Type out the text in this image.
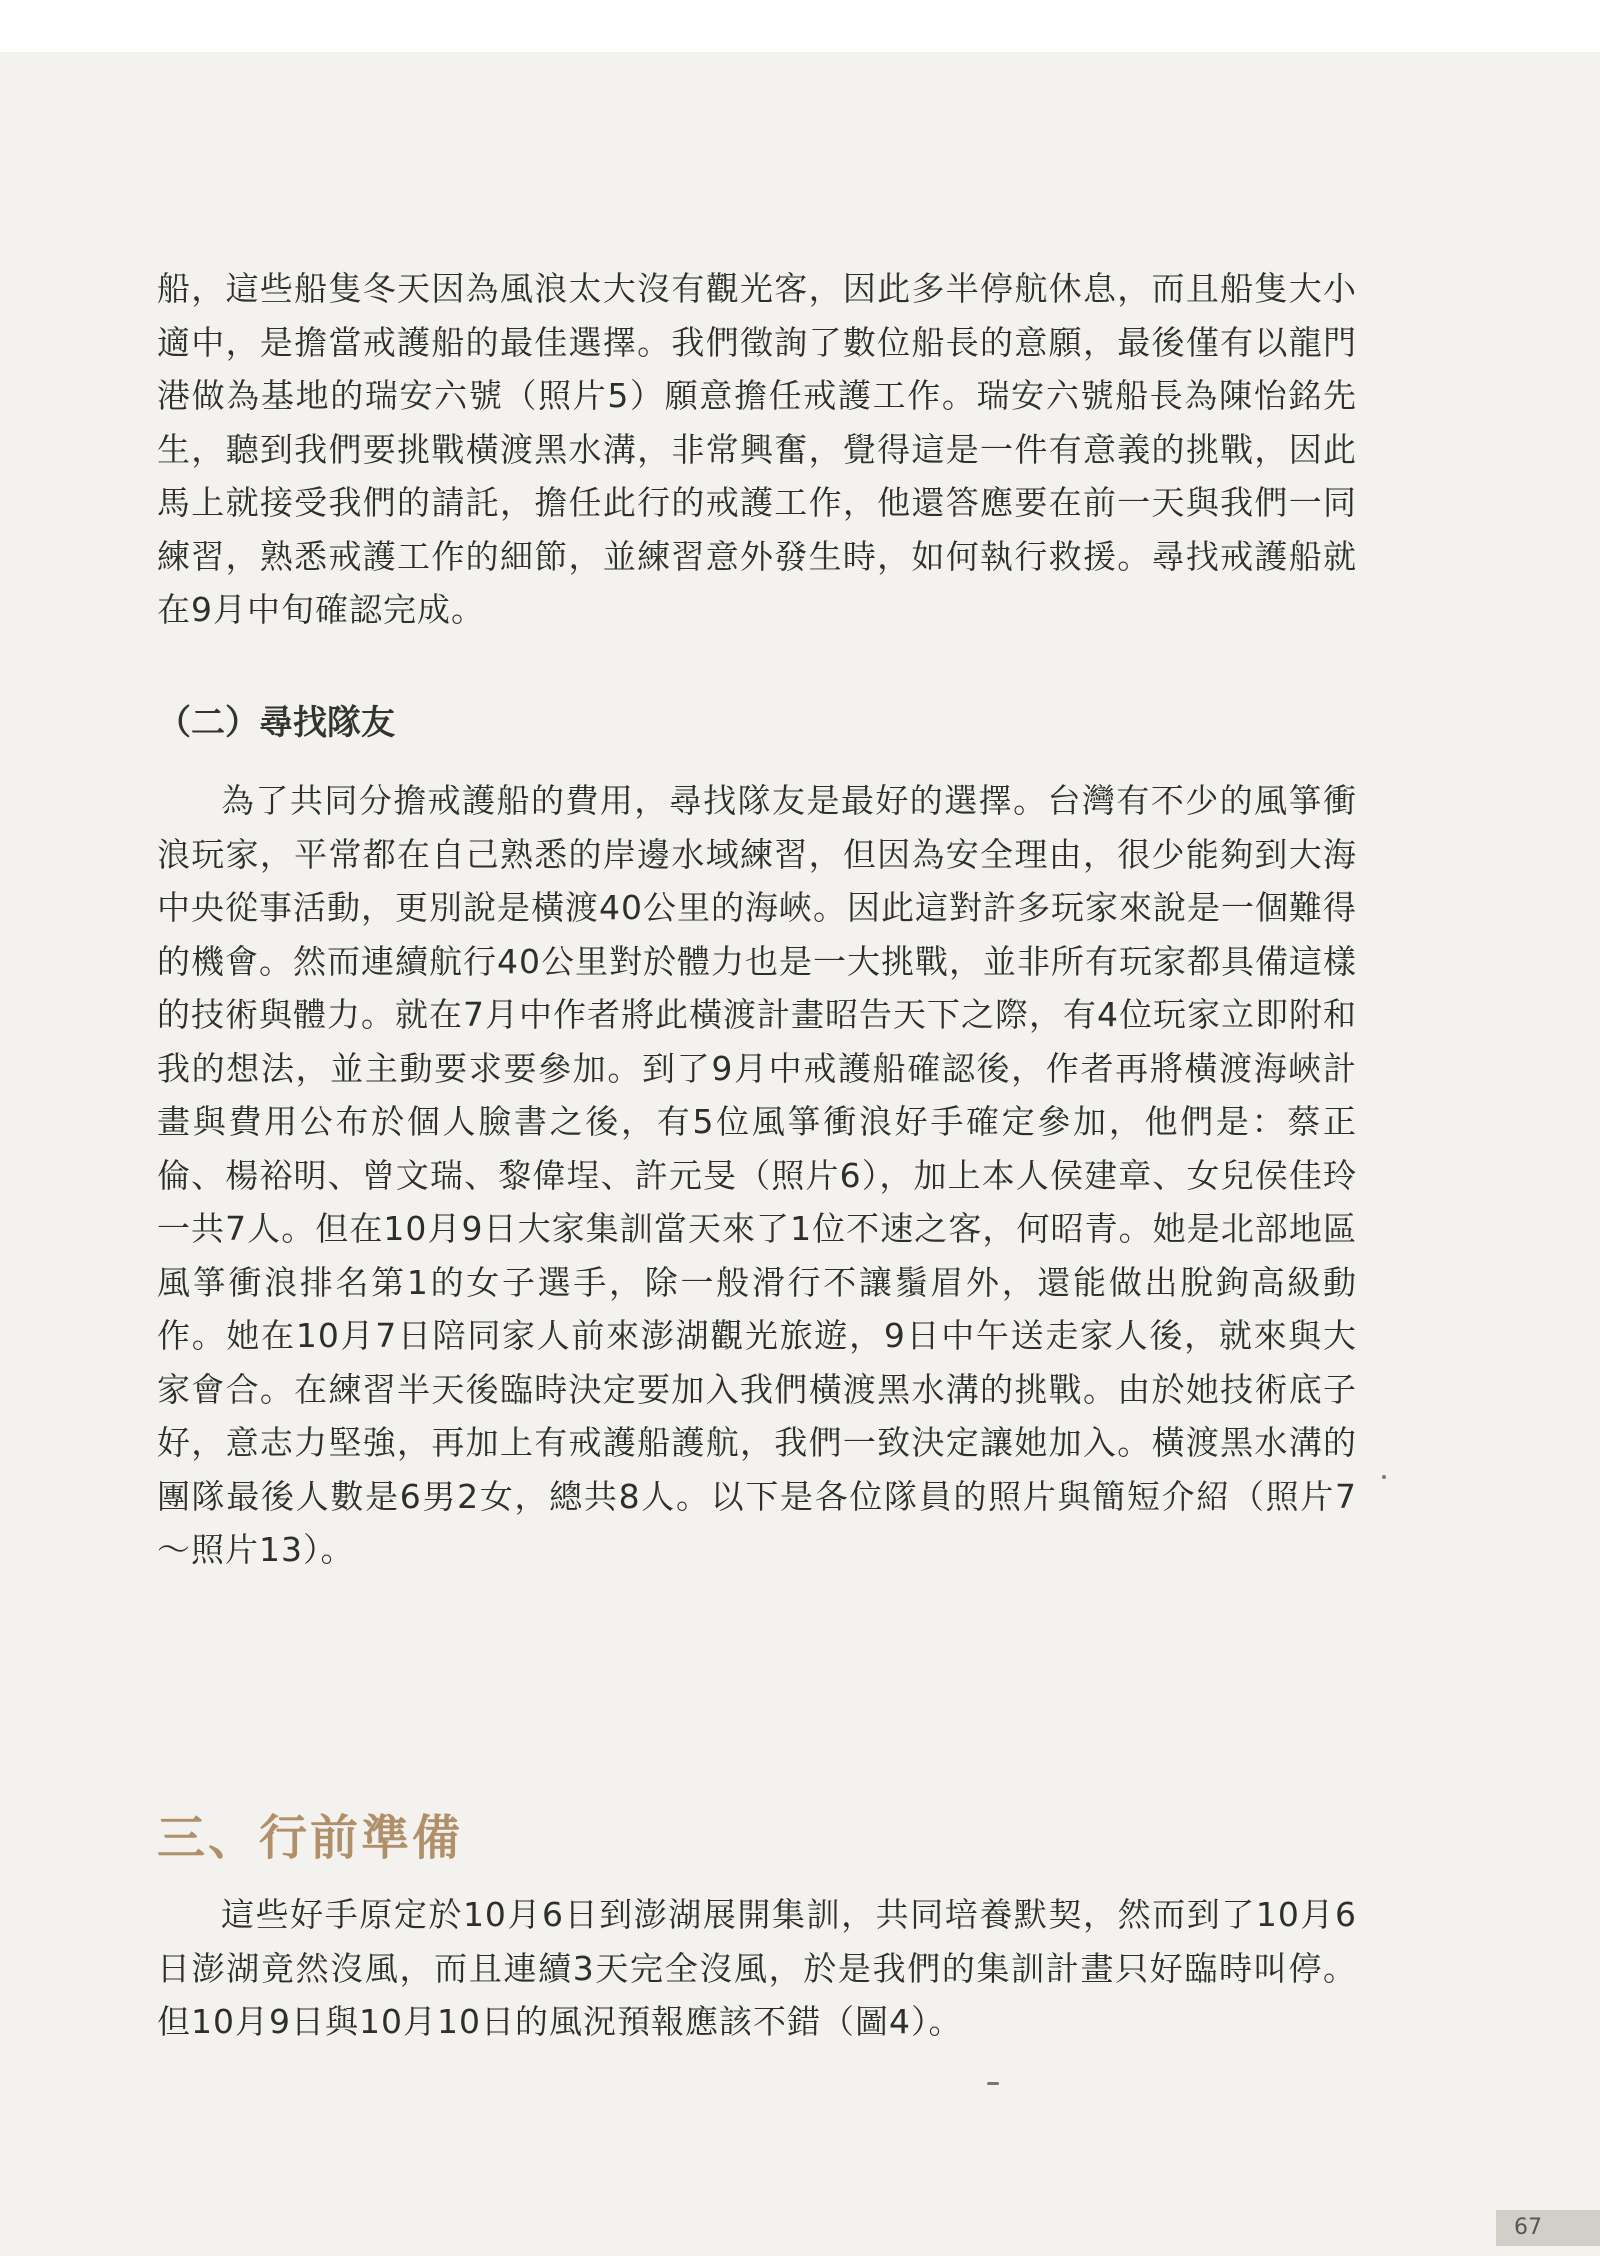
船，這些船隻冬天因為風浪太大沒有觀光客，因此多半停航休息，而且船隻大小適中，是擔當戒護船的最佳選擇。我們徵詢了數位船長的意願，最後僅有以龍門港做為基地的瑞安六號（照片5）願意擔任戒護工作。瑞安六號船長為陳怡銘先生，聽到我們要挑戰橫渡黑水溝，非常興奮，覺得這是一件有意義的挑戰，因此馬上就接受我們的請託，擔任此行的戒護工作，他還答應要在前一天與我們一同練習，熟悉戒護工作的細節，並練習意外發生時，如何執行救援。尋找戒護船就在9月中旬確認完成。

（二）尋找隊友

為了共同分擔戒護船的費用，尋找隊友是最好的選擇。台灣有不少的風箏衝浪玩家，平常都在自己熟悉的岸邊水域練習，但因為安全理由，很少能夠到大海中央從事活動，更別說是橫渡40公里的海峽。因此這對許多玩家來說是一個難得的機會。然而連續航行40公里對於體力也是一大挑戰，並非所有玩家都具備這樣的技術與體力。就在7月中作者將此橫渡計畫昭告天下之際，有4位玩家立即附和我的想法，並主動要求要參加。到了9月中戒護船確認後，作者再將橫渡海峽計畫與費用公布於個人臉書之後，有5位風箏衝浪好手確定參加，他們是：蔡正倫、楊裕明、曾文瑞、黎偉埕、許元旻（照片6），加上本人侯建章、女兒侯佳玲一共7人。但在10月9日大家集訓當天來了1位不速之客，何昭青。她是北部地區風箏衝浪排名第1的女子選手，除一般滑行不讓鬚眉外，還能做出脫鉤高級動作。她在10月7日陪同家人前來澎湖觀光旅遊，9日中午送走家人後，就來與大家會合。在練習半天後臨時決定要加入我們橫渡黑水溝的挑戰。由於她技術底子好，意志力堅強，再加上有戒護船護航，我們一致決定讓她加入。橫渡黑水溝的團隊最後人數是6男2女，總共8人。以下是各位隊員的照片與簡短介紹（照片7～照片13）。

三、行前準備

這些好手原定於10月6日到澎湖展開集訓，共同培養默契，然而到了10月6日澎湖竟然沒風，而且連續3天完全沒風，於是我們的集訓計畫只好臨時叫停。但10月9日與10月10日的風況預報應該不錯（圖4）。

67
